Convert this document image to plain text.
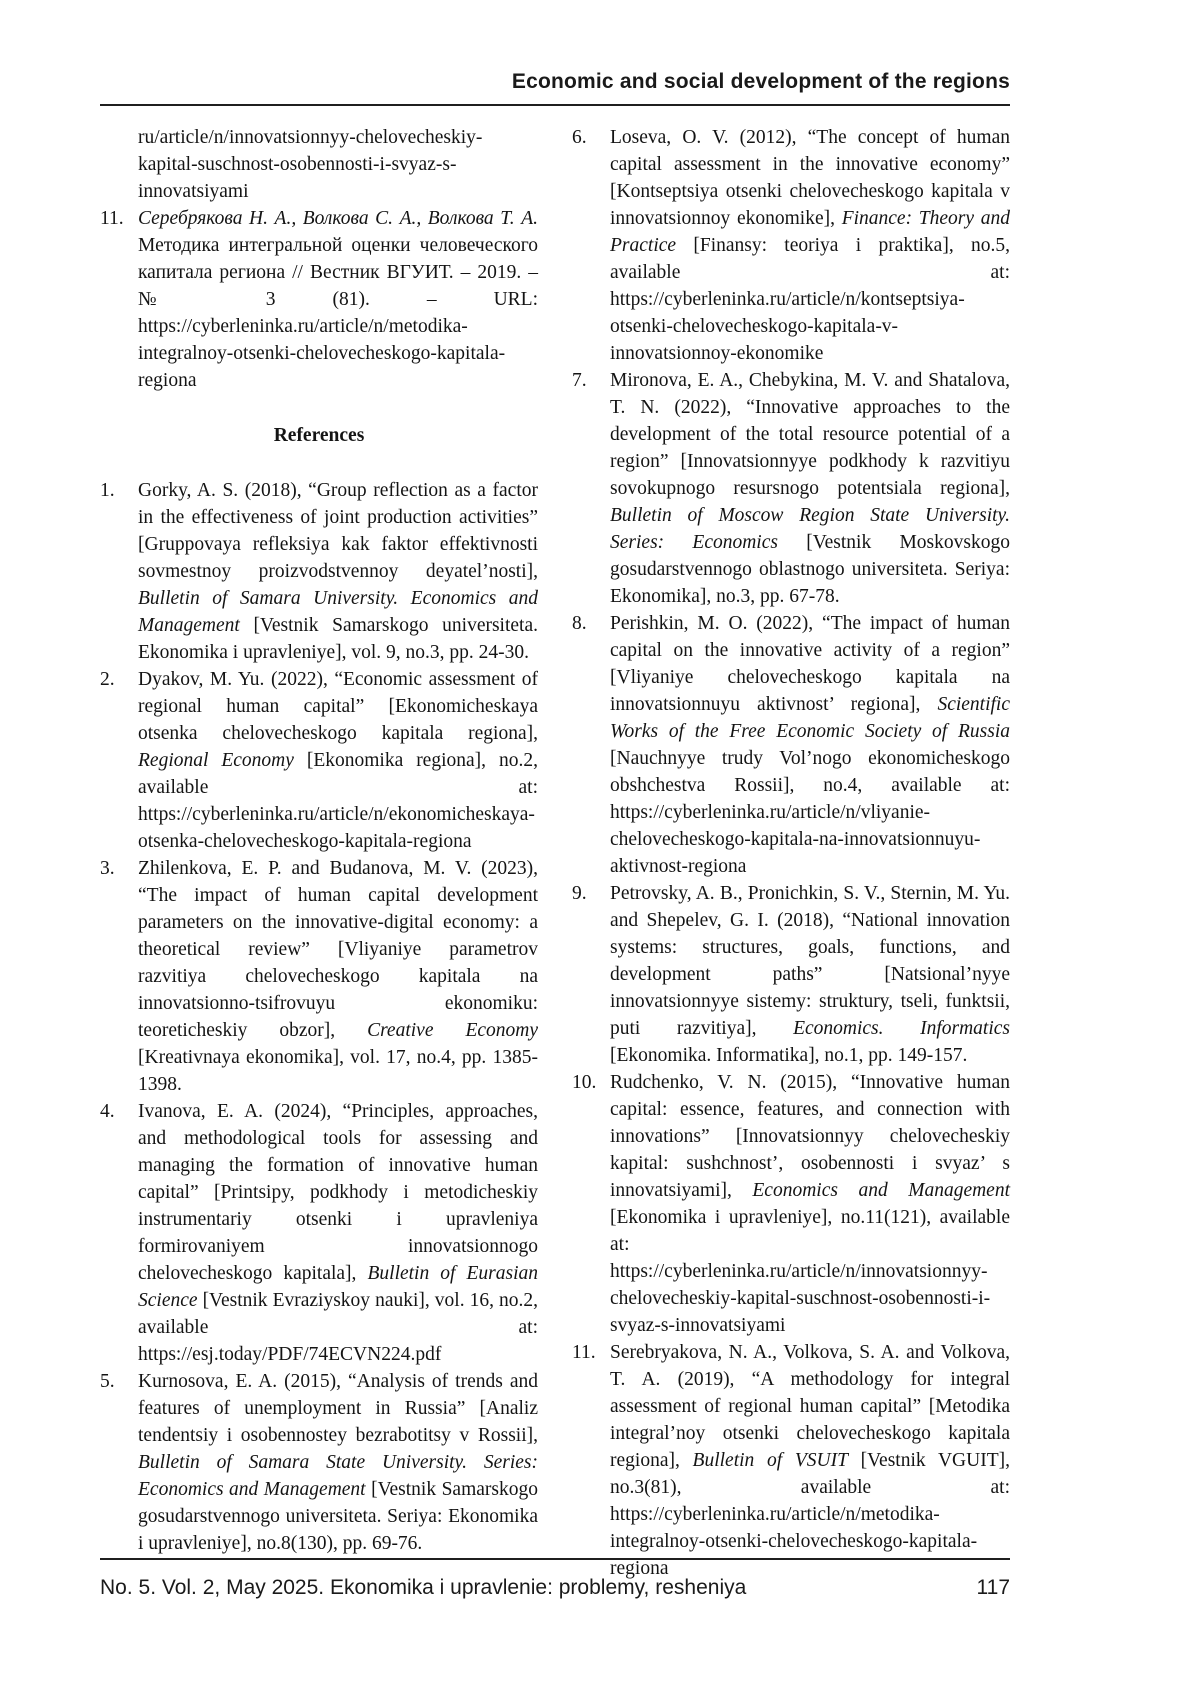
Economic and social development of the regions
ru/article/n/innovatsionnyy-chelovecheskiy-kapital-suschnost-osobennosti-i-svyaz-s-innovatsiyami
11. Серебрякова Н. А., Волкова С. А., Волкова Т. А. Методика интегральной оценки человеческого капитала региона // Вестник ВГУИТ. – 2019. – № 3 (81). – URL: https://cyberleninka.ru/article/n/metodika-integralnoy-otsenki-chelovecheskogo-kapitala-regiona
References
1. Gorky, A. S. (2018), “Group reflection as a factor in the effectiveness of joint production activities” [Gruppovaya refleksiya kak faktor effektivnosti sovmestnoy proizvodstvennoy deyatel’nosti], Bulletin of Samara University. Economics and Management [Vestnik Samarskogo universiteta. Ekonomika i upravleniye], vol. 9, no.3, pp. 24-30.
2. Dyakov, M. Yu. (2022), “Economic assessment of regional human capital” [Ekonomicheskaya otsenka chelovecheskogo kapitala regiona], Regional Economy [Ekonomika regiona], no.2, available at: https://cyberleninka.ru/article/n/ekonomicheskaya-otsenka-chelovecheskogo-kapitala-regiona
3. Zhilenkova, E. P. and Budanova, M. V. (2023), “The impact of human capital development parameters on the innovative-digital economy: a theoretical review” [Vliyaniye parametrov razvitiya chelovecheskogo kapitala na innovatsionno-tsifrovuyu ekonomiku: teoreticheskiy obzor], Creative Economy [Kreativnaya ekonomika], vol. 17, no.4, pp. 1385-1398.
4. Ivanova, E. A. (2024), “Principles, approaches, and methodological tools for assessing and managing the formation of innovative human capital” [Printsipy, podkhody i metodicheskiy instrumentariy otsenki i upravleniya formirovaniyem innovatsionnogo chelovecheskogo kapitala], Bulletin of Eurasian Science [Vestnik Evraziyskoy nauki], vol. 16, no.2, available at: https://esj.today/PDF/74ECVN224.pdf
5. Kurnosova, E. A. (2015), “Analysis of trends and features of unemployment in Russia” [Analiz tendentsiy i osobennostey bezrabotitsy v Rossii], Bulletin of Samara State University. Series: Economics and Management [Vestnik Samarskogo gosudarstvennogo universiteta. Seriya: Ekonomika i upravleniye], no.8(130), pp. 69-76.
6. Loseva, O. V. (2012), “The concept of human capital assessment in the innovative economy” [Kontseptsiya otsenki chelovecheskogo kapitala v innovatsionnoy ekonomike], Finance: Theory and Practice [Finansy: teoriya i praktika], no.5, available at: https://cyberleninka.ru/article/n/kontseptsiya-otsenki-chelovecheskogo-kapitala-v-innovatsionnoy-ekonomike
7. Mironova, E. A., Chebykina, M. V. and Shatalova, T. N. (2022), “Innovative approaches to the development of the total resource potential of a region” [Innovatsionnyye podkhody k razvitiyu sovokupnogo resursnogo potentsiala regiona], Bulletin of Moscow Region State University. Series: Economics [Vestnik Moskovskogo gosudarstvennogo oblastnogo universiteta. Seriya: Ekonomika], no.3, pp. 67-78.
8. Perishkin, M. O. (2022), “The impact of human capital on the innovative activity of a region” [Vliyaniye chelovecheskogo kapitala na innovatsionnuyu aktivnost’ regiona], Scientific Works of the Free Economic Society of Russia [Nauchnyye trudy Vol’nogo ekonomicheskogo obshchestva Rossii], no.4, available at: https://cyberleninka.ru/article/n/vliyanie-chelovecheskogo-kapitala-na-innovatsionnuyu-aktivnost-regiona
9. Petrovsky, A. B., Pronichkin, S. V., Sternin, M. Yu. and Shepelev, G. I. (2018), “National innovation systems: structures, goals, functions, and development paths” [Natsional’nyye innovatsionnyye sistemy: struktury, tseli, funktsii, puti razvitiya], Economics. Informatics [Ekonomika. Informatika], no.1, pp. 149-157.
10. Rudchenko, V. N. (2015), “Innovative human capital: essence, features, and connection with innovations” [Innovatsionnyy chelovecheskiy kapital: sushchnost’, osobennosti i svyaz’ s innovatsiyami], Economics and Management [Ekonomika i upravleniye], no.11(121), available at: https://cyberleninka.ru/article/n/innovatsionnyy-chelovecheskiy-kapital-suschnost-osobennosti-i-svyaz-s-innovatsiyami
11. Serebryakova, N. A., Volkova, S. A. and Volkova, T. A. (2019), “A methodology for integral assessment of regional human capital” [Metodika integral’noy otsenki chelovecheskogo kapitala regiona], Bulletin of VSUIT [Vestnik VGUIT], no.3(81), available at: https://cyberleninka.ru/article/n/metodika-integralnoy-otsenki-chelovecheskogo-kapitala-regiona
No. 5. Vol. 2, May 2025. Ekonomika i upravlenie: problemy, resheniya	117
